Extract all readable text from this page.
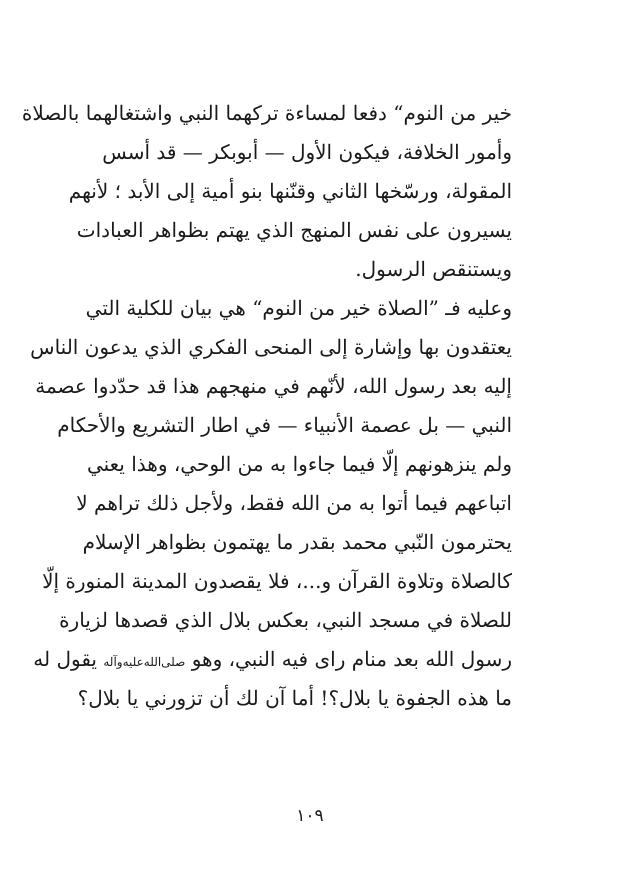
خير من النوم“ دفعا لمساءة تركهما النبي واشتغالهما بالصلاة
وأمور الخلافة، فيكون الأول — أبوبكر — قد أسس
المقولة، ورسّخها الثاني وقنّنها بنو أمية إلى الأبد ؛ لأنهم
يسيرون على نفس المنهج الذي يهتم بظواهر العبادات
ويستنقص الرسول.
وعليه فـ ”الصلاة خير من النوم“ هي بيان للكلية التي
يعتقدون بها وإشارة إلى المنحى الفكري الذي يدعون الناس
إليه بعد رسول الله، لأنّهم في منهجهم هذا قد حدّدوا عصمة
النبي — بل عصمة الأنبياء — في اطار التشريع والأحكام
ولم ينزهونهم إلّا فيما جاءوا به من الوحي، وهذا يعني
اتباعهم فيما أتوا به من الله فقط، ولأجل ذلك تراهم لا
يحترمون النّبي محمد بقدر ما يهتمون بظواهر الإسلام
كالصلاة وتلاوة القرآن و...، فلا يقصدون المدينة المنورة إلّا
للصلاة في مسجد النبي، بعكس بلال الذي قصدها لزيارة
رسول الله بعد منام راى فيه النبي، وهو صلى‌الله‌عليه‌وآله يقول له
ما هذه الجفوة يا بلال؟! أما آن لك أن تزورني يا بلال؟
١٠٩
